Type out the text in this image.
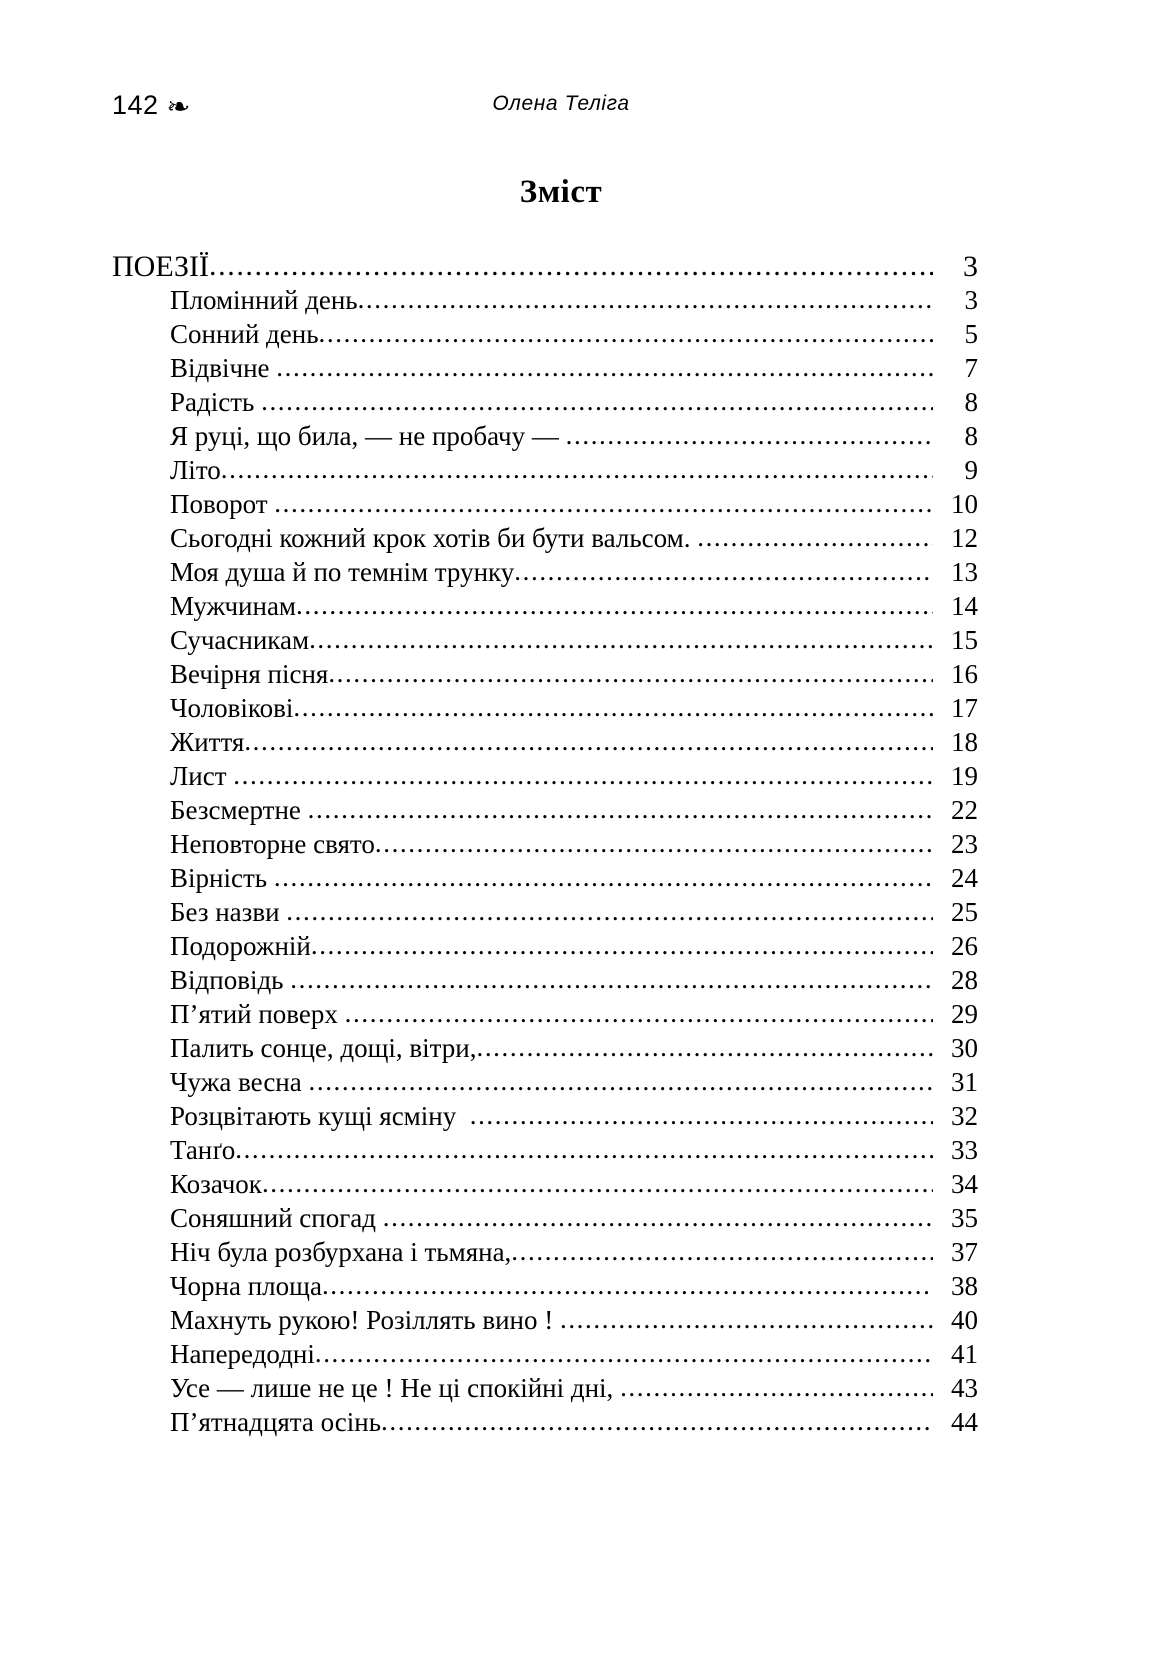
142 ❧	Олена Теліга
Зміст
ПОЕЗІЇ .....	3
Пломінний день .....	3
Сонний день .....	5
Відвічне .....	7
Радість .....	8
Я руці, що била, — не пробачу — .....	8
Літо .....	9
Поворот .....	10
Сьогодні кожний крок хотів би бути вальсом. .....	12
Моя душа й по темнім трунку .....	13
Мужчинам .....	14
Сучасникам .....	15
Вечірня пісня .....	16
Чоловікові .....	17
Життя .....	18
Лист .....	19
Безсмертне .....	22
Неповторне свято .....	23
Вірність .....	24
Без назви .....	25
Подорожній .....	26
Відповідь .....	28
П’ятий поверх .....	29
Палить сонце, дощі, вітри, .....	30
Чужа весна .....	31
Розцвітають кущі ясміну .....	32
Танґо .....	33
Козачок .....	34
Соняшний спогад .....	35
Ніч була розбурхана і тьмяна, .....	37
Чорна площа .....	38
Махнуть рукою! Розіллять вино ! .....	40
Напередодні .....	41
Усе — лише не це ! Не ці спокійні дні, .....	43
П’ятнадцята осінь .....	44
